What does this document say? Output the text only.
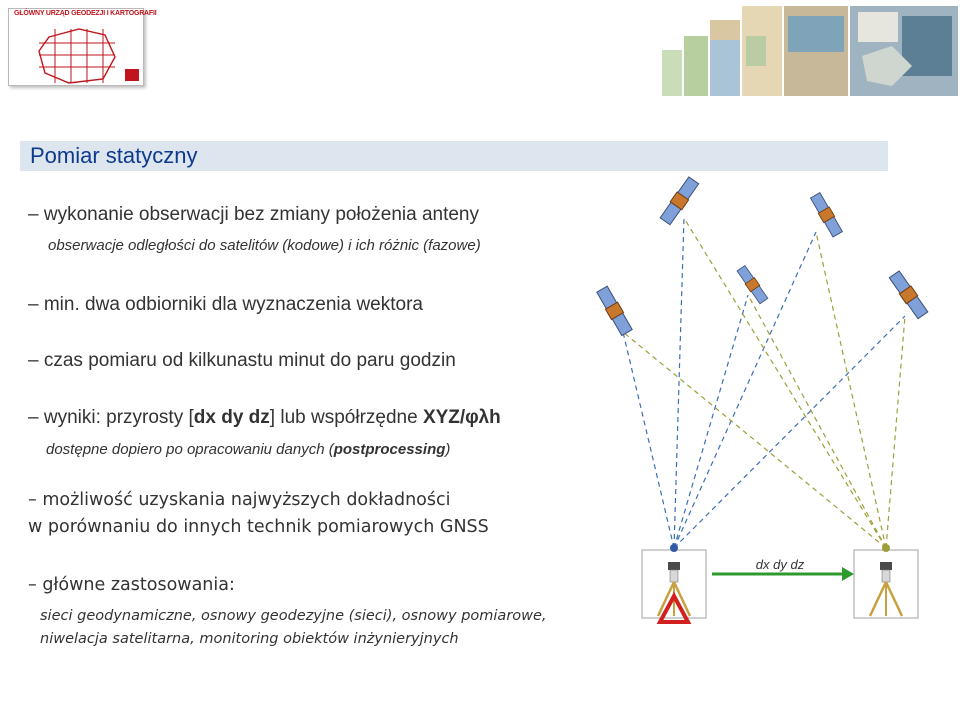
GŁÓWNY URZĄD GEODEZJI I KARTOGRAFII
Pomiar statyczny
– wykonanie obserwacji bez zmiany położenia anteny
obserwacje odległości do satelitów (kodowe) i ich różnic (fazowe)
– min. dwa odbiorniki dla wyznaczenia wektora
– czas pomiaru od kilkunastu minut do paru godzin
– wyniki: przyrosty [dx dy dz] lub współrzędne XYZ/φλh
dostępne dopiero po opracowaniu danych (postprocessing)
– możliwość uzyskania najwyższych dokładności
w porównaniu do innych technik pomiarowych GNSS
– główne zastosowania:
sieci geodynamiczne, osnowy geodezyjne (sieci), osnowy pomiarowe,
niwelacja satelitarna, monitoring obiektów inżynieryjnych
dx dy dz
